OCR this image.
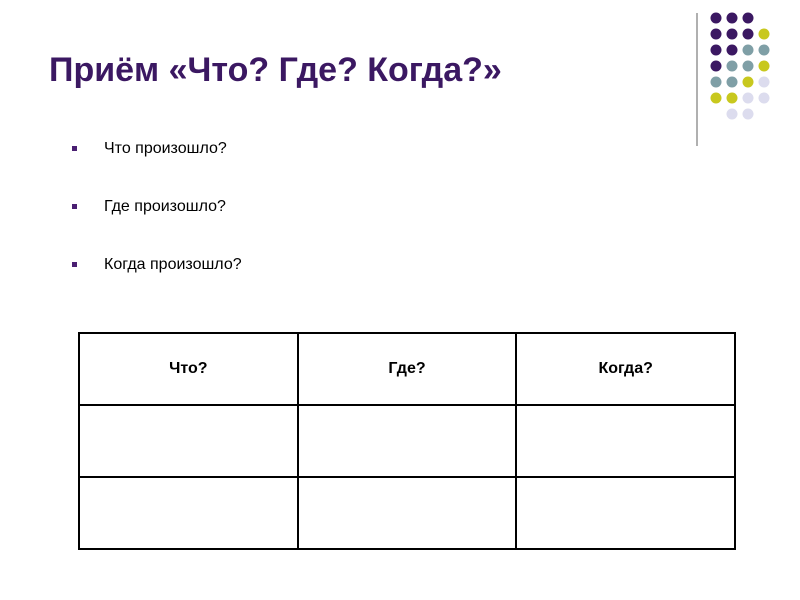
Приём «Что? Где? Когда?»
Что произошло?
Где произошло?
Когда произошло?
Что?	Где?	Когда?
